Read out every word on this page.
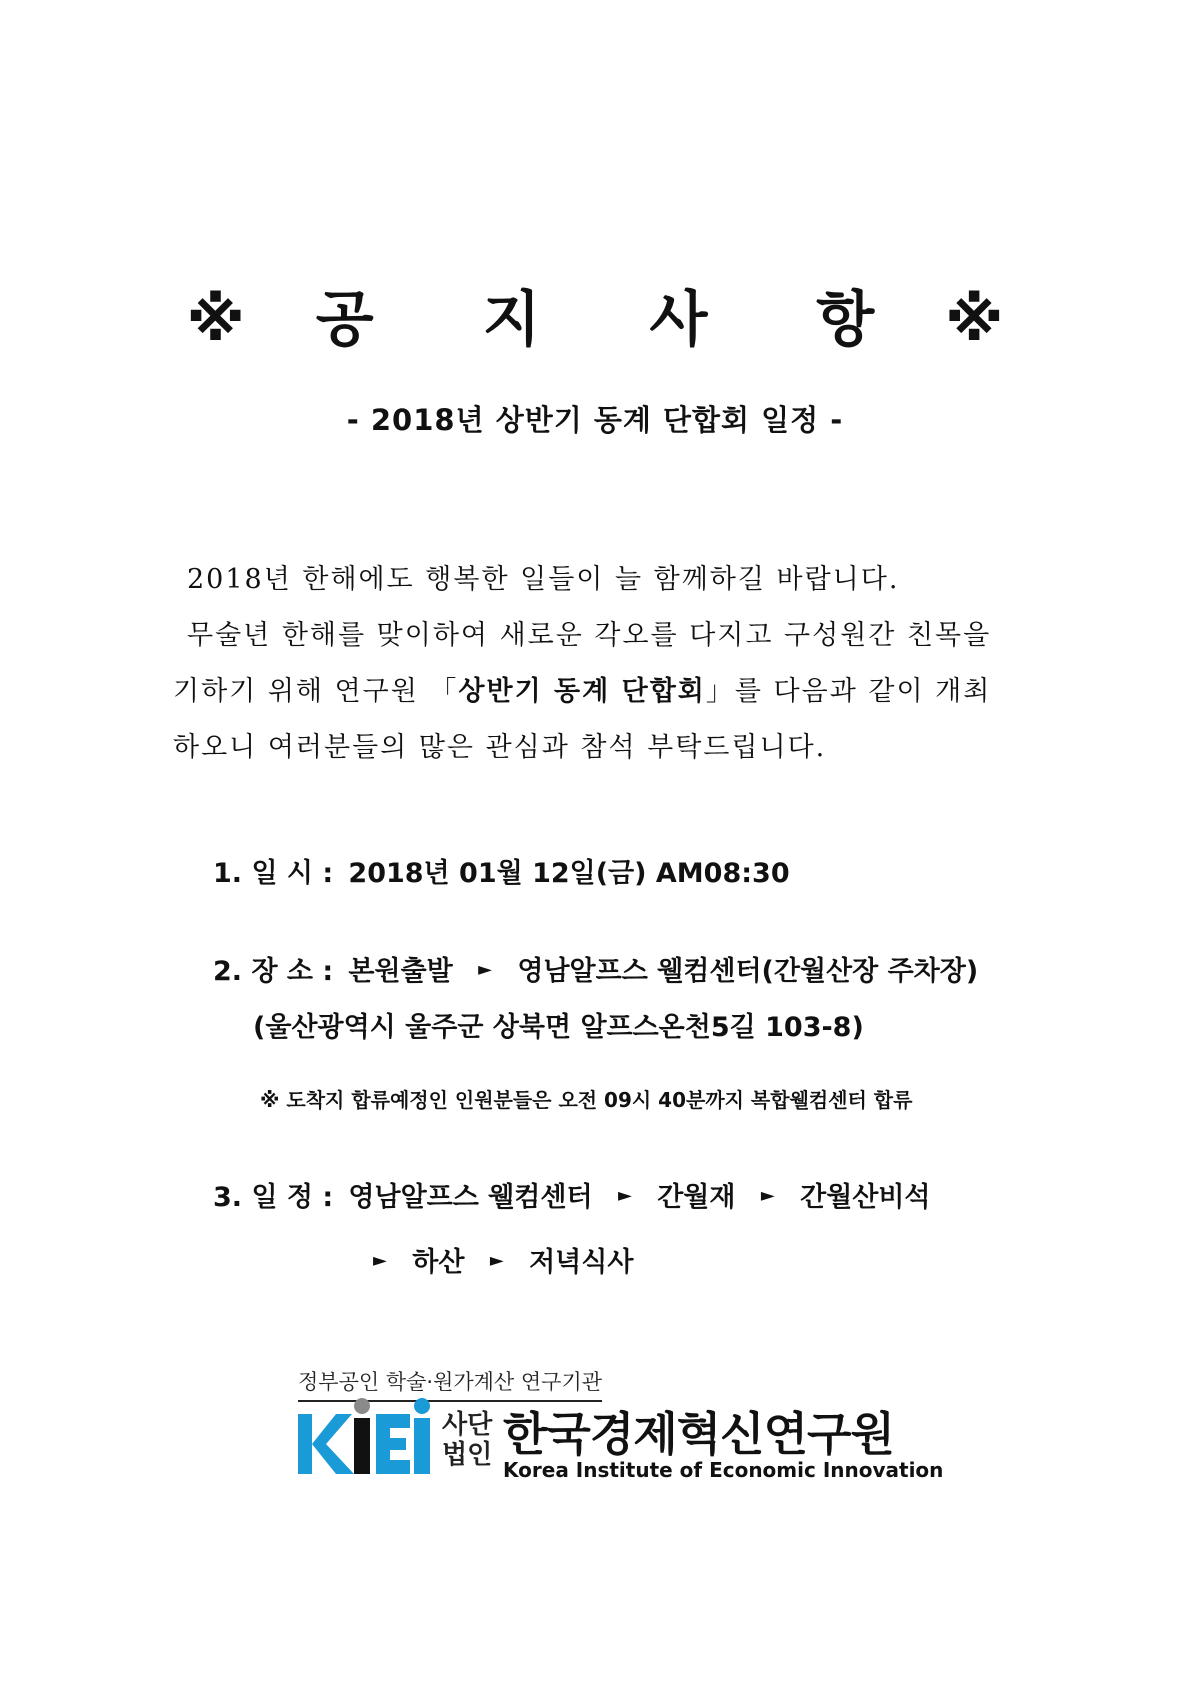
※ 공 지 사 항 ※
- 2018년 상반기 동계 단합회 일정 -
2018년 한해에도 행복한 일들이 늘 함께하길 바랍니다.
무술년 한해를 맞이하여 새로운 각오를 다지고 구성원간 친목을
기하기 위해 연구원 「상반기 동계 단합회」를 다음과 같이 개최
하오니 여러분들의 많은 관심과 참석 부탁드립니다.
1. 일 시 : 2018년 01월 12일(금) AM08:30
2. 장 소 : 본원출발 ► 영남알프스 웰컴센터(간월산장 주차장)
(울산광역시 울주군 상북면 알프스온천5길 103-8)
※ 도착지 합류예정인 인원분들은 오전 09시 40분까지 복합웰컴센터 합류
3. 일 정 : 영남알프스 웰컴센터 ► 간월재 ► 간월산비석
► 하산 ► 저녁식사
정부공인 학술·원가계산 연구기관
사단
법인 한국경제혁신연구원
Korea Institute of Economic Innovation
